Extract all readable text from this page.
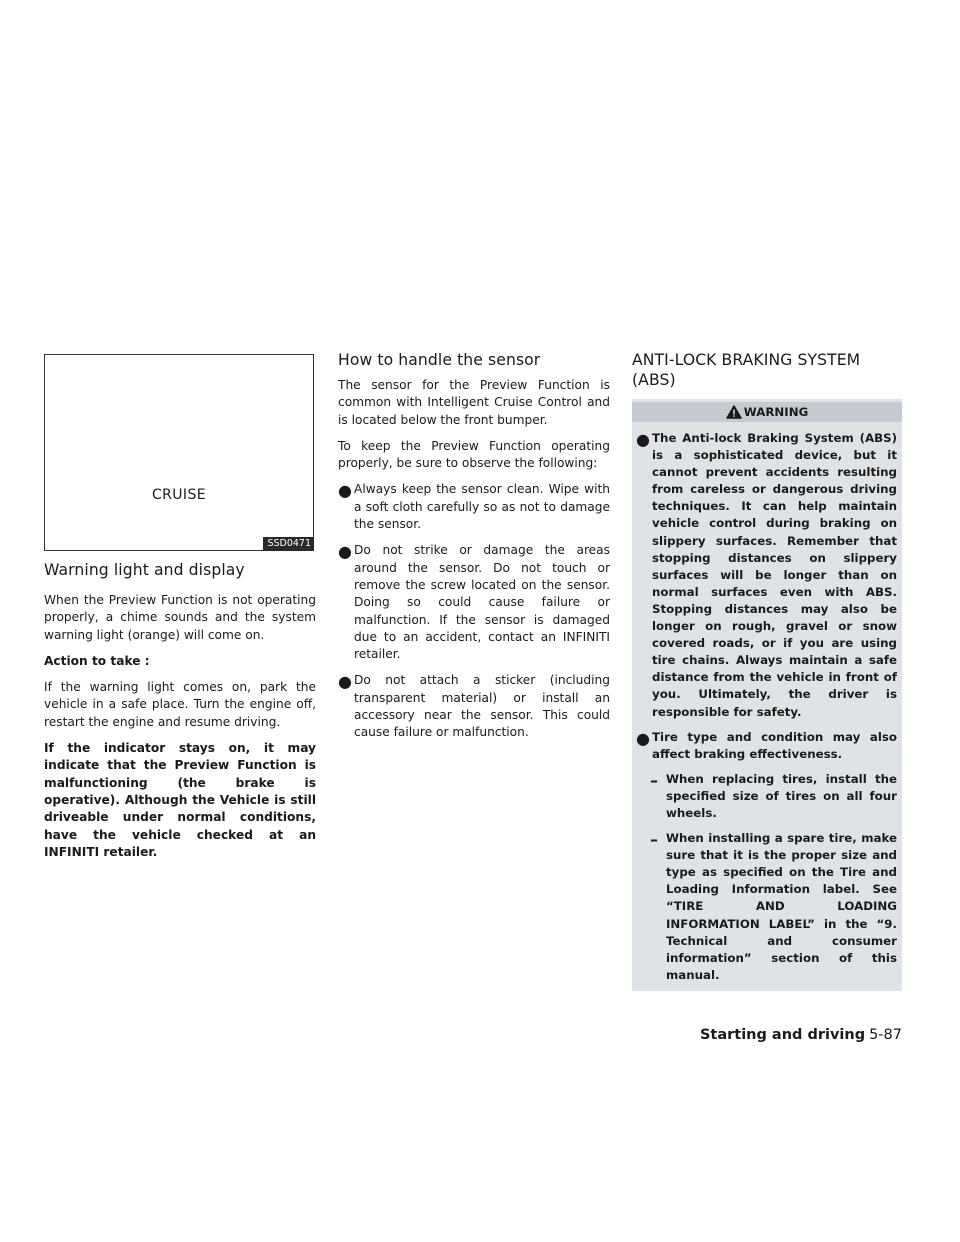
CRUISE
SSD0471
Warning light and display

When the Preview Function is not operating properly, a chime sounds and the system warning light (orange) will come on.

Action to take :

If the warning light comes on, park the vehicle in a safe place. Turn the engine off, restart the engine and resume driving.

If the indicator stays on, it may indicate that the Preview Function is malfunctioning (the brake is operative). Although the Vehicle is still driveable under normal conditions, have the vehicle checked at an INFINITI retailer.

How to handle the sensor

The sensor for the Preview Function is common with Intelligent Cruise Control and is located below the front bumper.

To keep the Preview Function operating properly, be sure to observe the following:

● Always keep the sensor clean. Wipe with a soft cloth carefully so as not to damage the sensor.

● Do not strike or damage the areas around the sensor. Do not touch or remove the screw located on the sensor. Doing so could cause failure or malfunction. If the sensor is damaged due to an accident, contact an INFINITI retailer.

● Do not attach a sticker (including transparent material) or install an accessory near the sensor. This could cause failure or malfunction.

ANTI-LOCK BRAKING SYSTEM (ABS)
WARNING
● The Anti-lock Braking System (ABS) is a sophisticated device, but it cannot prevent accidents resulting from careless or dangerous driving techniques. It can help maintain vehicle control during braking on slippery surfaces. Remember that stopping distances on slippery surfaces will be longer than on normal surfaces even with ABS. Stopping distances may also be longer on rough, gravel or snow covered roads, or if you are using tire chains. Always maintain a safe distance from the vehicle in front of you. Ultimately, the driver is responsible for safety.

● Tire type and condition may also affect braking effectiveness.

– When replacing tires, install the specified size of tires on all four wheels.

– When installing a spare tire, make sure that it is the proper size and type as specified on the Tire and Loading Information label. See “TIRE AND LOADING INFORMATION LABEL” in the “9. Technical and consumer information” section of this manual.

Starting and driving 5-87
